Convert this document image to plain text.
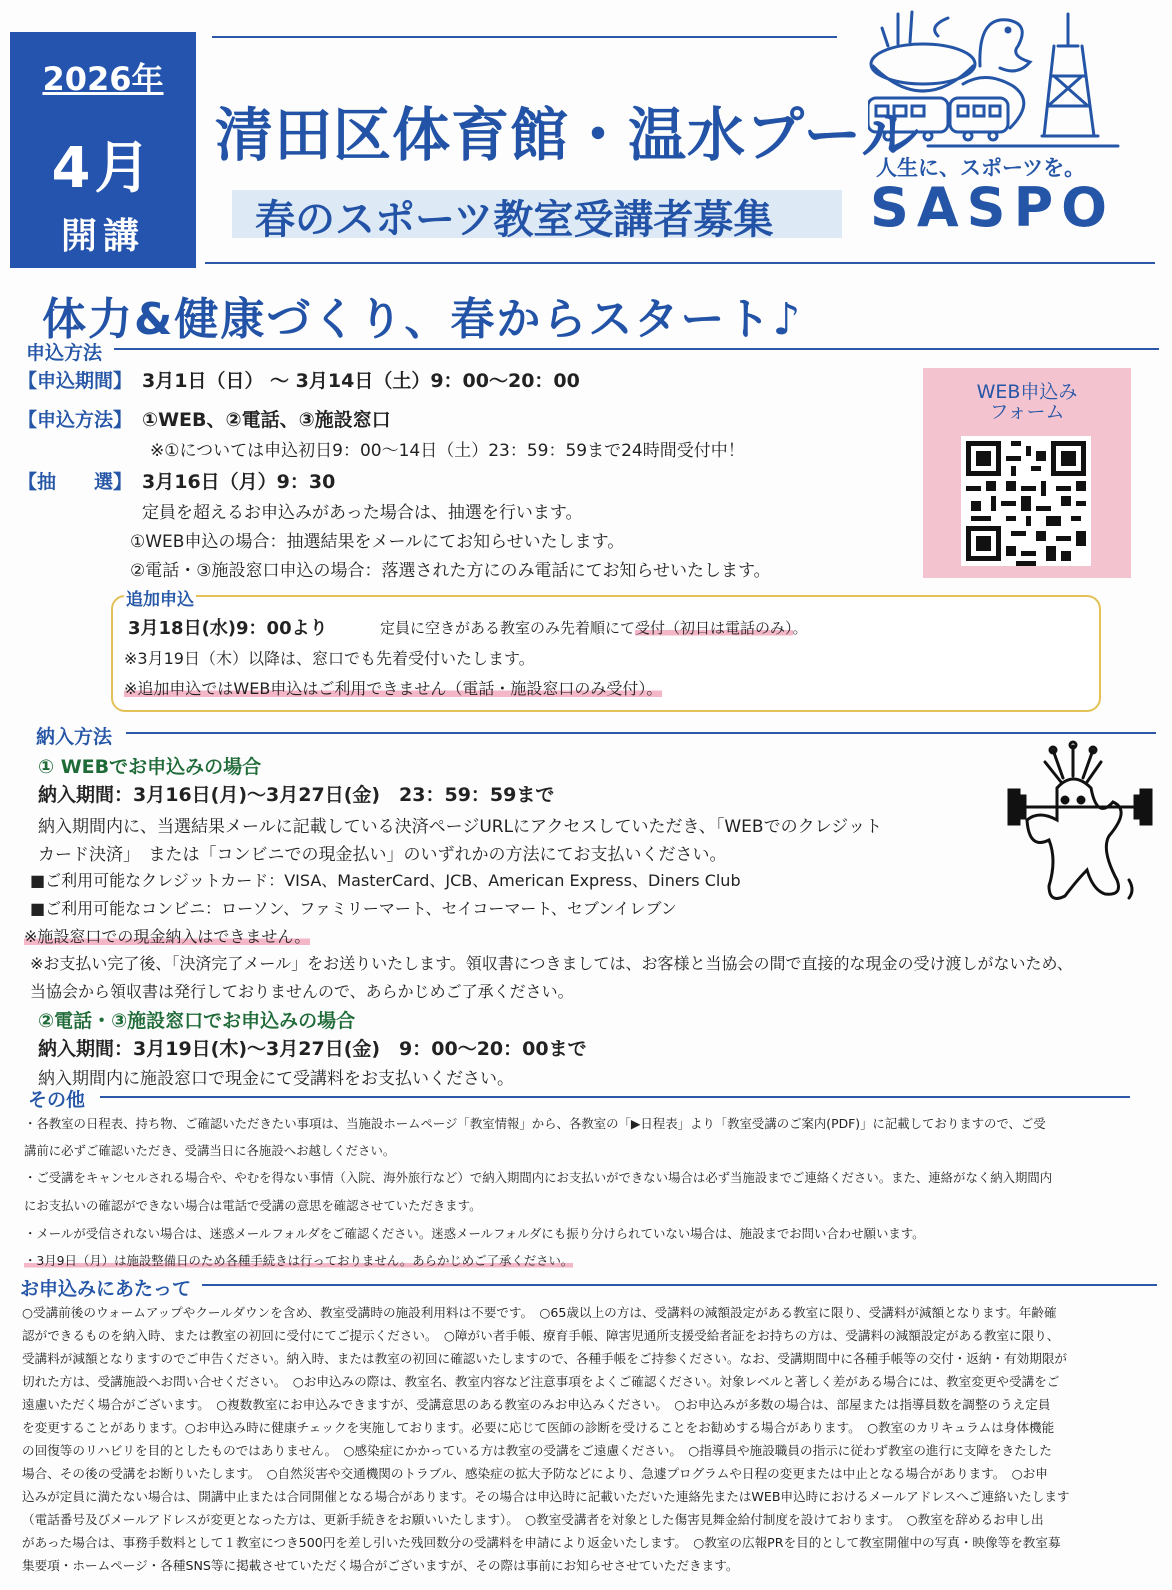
2026年
4月
開講
清田区体育館・温水プール
春のスポーツ教室受講者募集
人生に、スポーツを。
SASPO
体力&健康づくり、春からスタート♪
申込方法
【申込期間】 3月1日（日） ～ 3月14日（土）9：00～20：00
【申込方法】 ①WEB、②電話、③施設窓口
※①については申込初日9：00～14日（土）23：59：59まで24時間受付中！
【抽　　選】 3月16日（月）9：30
定員を超えるお申込みがあった場合は、抽選を行います。
①WEB申込の場合：抽選結果をメールにてお知らせいたします。
②電話・③施設窓口申込の場合：落選された方にのみ電話にてお知らせいたします。
WEB申込み
フォーム
追加申込
3月18日(水)9：00より	定員に空きがある教室のみ先着順にて受付（初日は電話のみ）。
※3月19日（木）以降は、窓口でも先着受付いたします。
※追加申込ではWEB申込はご利用できません（電話・施設窓口のみ受付）。
納入方法
① WEBでお申込みの場合
納入期間：3月16日(月)～3月27日(金)　23：59：59まで
納入期間内に、当選結果メールに記載している決済ページURLにアクセスしていただき、「WEBでのクレジット
カード決済」　または「コンビニでの現金払い」のいずれかの方法にてお支払いください。
■ご利用可能なクレジットカード：VISA、MasterCard、JCB、American Express、Diners Club
■ご利用可能なコンビニ：ローソン、ファミリーマート、セイコーマート、セブンイレブン
※施設窓口での現金納入はできません。
※お支払い完了後、「決済完了メール」をお送りいたします。領収書につきましては、お客様と当協会の間で直接的な現金の受け渡しがないため、
当協会から領収書は発行しておりませんので、あらかじめご了承ください。
②電話・③施設窓口でお申込みの場合
納入期間：3月19日(木)～3月27日(金)　9：00～20：00まで
納入期間内に施設窓口で現金にて受講料をお支払いください。
その他
・各教室の日程表、持ち物、ご確認いただきたい事項は、当施設ホームページ「教室情報」から、各教室の「▶日程表」より「教室受講のご案内(PDF)」に記載しておりますので、ご受
講前に必ずご確認いただき、受講当日に各施設へお越しください。
・ご受講をキャンセルされる場合や、やむを得ない事情（入院、海外旅行など）で納入期間内にお支払いができない場合は必ず当施設までご連絡ください。また、連絡がなく納入期間内
にお支払いの確認ができない場合は電話で受講の意思を確認させていただきます。
・メールが受信されない場合は、迷惑メールフォルダをご確認ください。迷惑メールフォルダにも振り分けられていない場合は、施設までお問い合わせ願います。
・3月9日（月）は施設整備日のため各種手続きは行っておりません。あらかじめご了承ください。
お申込みにあたって
○受講前後のウォームアップやクールダウンを含め、教室受講時の施設利用料は不要です。　○65歳以上の方は、受講料の減額設定がある教室に限り、受講料が減額となります。年齢確
認ができるものを納入時、または教室の初回に受付にてご提示ください。　○障がい者手帳、療育手帳、障害児通所支援受給者証をお持ちの方は、受講料の減額設定がある教室に限り、
受講料が減額となりますのでご申告ください。納入時、または教室の初回に確認いたしますので、各種手帳をご持参ください。なお、受講期間中に各種手帳等の交付・返納・有効期限が
切れた方は、受講施設へお問い合せください。　○お申込みの際は、教室名、教室内容など注意事項をよくご確認ください。対象レベルと著しく差がある場合には、教室変更や受講をご
遠慮いただく場合がございます。　○複数教室にお申込みできますが、受講意思のある教室のみお申込みください。　○お申込みが多数の場合は、部屋または指導員数を調整のうえ定員
を変更することがあります。○お申込み時に健康チェックを実施しております。必要に応じて医師の診断を受けることをお勧めする場合があります。　○教室のカリキュラムは身体機能
の回復等のリハビリを目的としたものではありません。　○感染症にかかっている方は教室の受講をご遠慮ください。　○指導員や施設職員の指示に従わず教室の進行に支障をきたした
場合、その後の受講をお断りいたします。　○自然災害や交通機関のトラブル、感染症の拡大予防などにより、急遽プログラムや日程の変更または中止となる場合があります。　○お申
込みが定員に満たない場合は、開講中止または合同開催となる場合があります。その場合は申込時に記載いただいた連絡先またはWEB申込時におけるメールアドレスへご連絡いたします
（電話番号及びメールアドレスが変更となった方は、更新手続きをお願いいたします）。　○教室受講者を対象とした傷害見舞金給付制度を設けております。　○教室を辞めるお申し出
があった場合は、事務手数料として１教室につき500円を差し引いた残回数分の受講料を申請により返金いたします。　○教室の広報PRを目的として教室開催中の写真・映像等を教室募
集要項・ホームページ・各種SNS等に掲載させていただく場合がございますが、その際は事前にお知らせさせていただきます。
